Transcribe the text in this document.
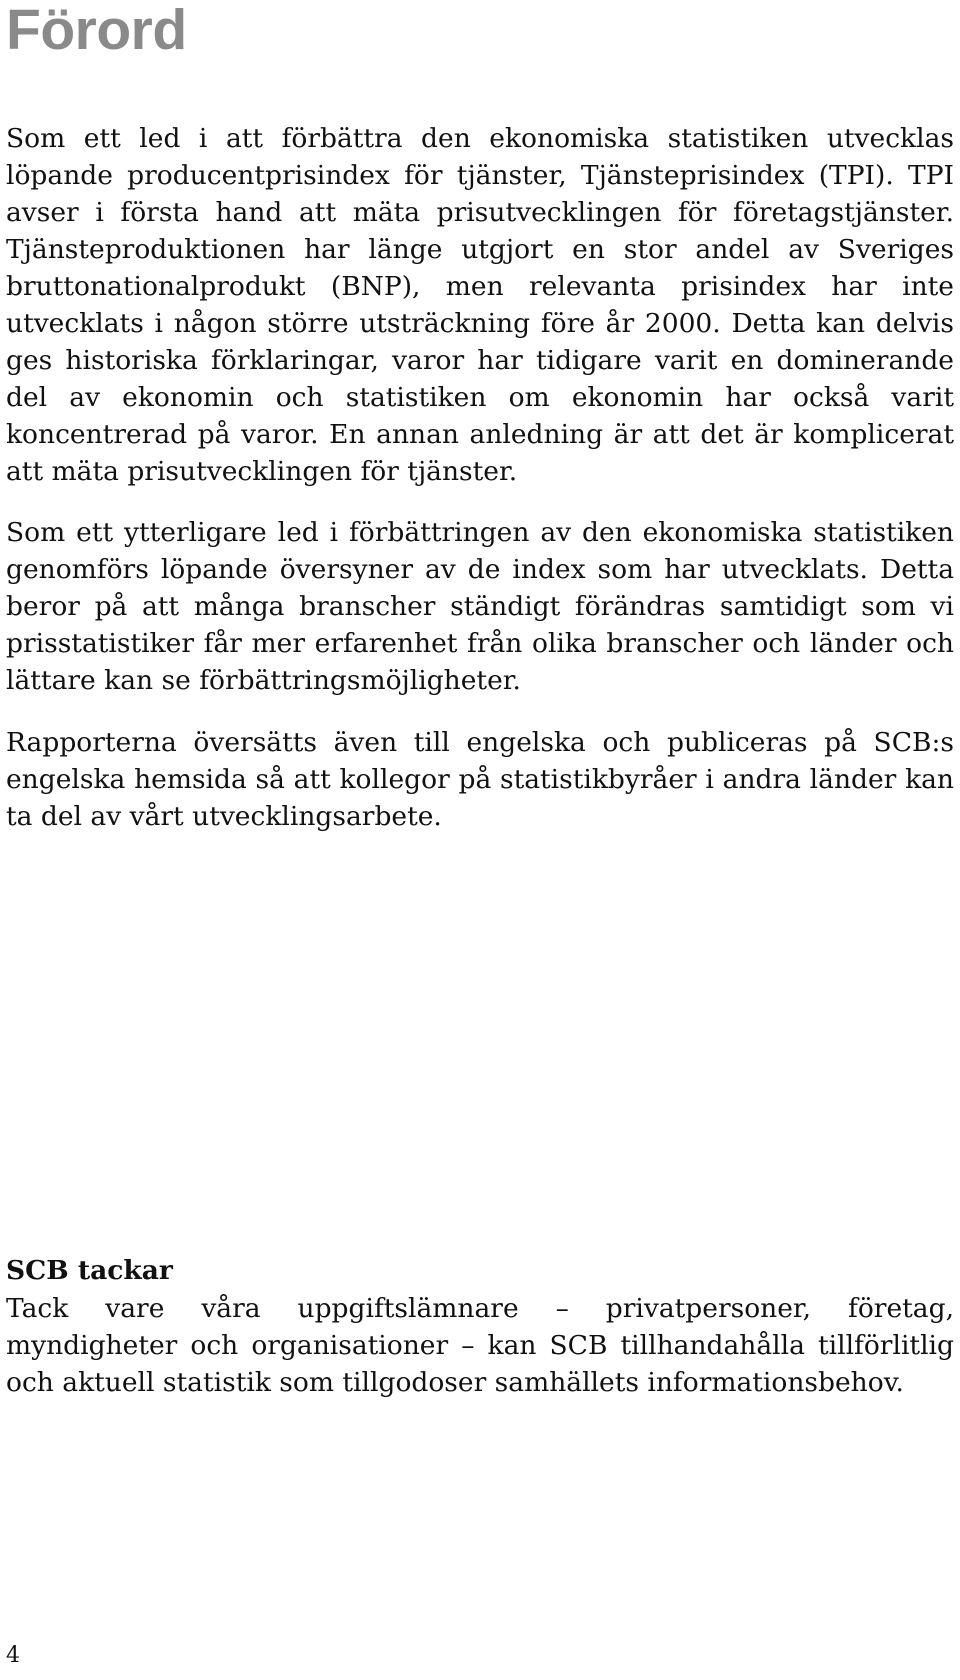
Förord

Som ett led i att förbättra den ekonomiska statistiken utvecklas löpande producentprisindex för tjänster, Tjänsteprisindex (TPI). TPI avser i första hand att mäta prisutvecklingen för företagstjänster. Tjänsteproduktionen har länge utgjort en stor andel av Sveriges bruttonationalprodukt (BNP), men relevanta prisindex har inte utvecklats i någon större utsträckning före år 2000. Detta kan delvis ges historiska förklaringar, varor har tidigare varit en dominerande del av ekonomin och statistiken om ekonomin har också varit koncentrerad på varor. En annan anledning är att det är komplicerat att mäta prisutvecklingen för tjänster.

Som ett ytterligare led i förbättringen av den ekonomiska statistiken genomförs löpande översyner av de index som har utvecklats. Detta beror på att många branscher ständigt förändras samtidigt som vi prisstatistiker får mer erfarenhet från olika branscher och länder och lättare kan se förbättringsmöjligheter.

Rapporterna översätts även till engelska och publiceras på SCB:s engelska hemsida så att kollegor på statistikbyråer i andra länder kan ta del av vårt utvecklingsarbete.

SCB tackar

Tack vare våra uppgiftslämnare – privatpersoner, företag, myndigheter och organisationer – kan SCB tillhandahålla tillförlitlig och aktuell statistik som tillgodoser samhällets informationsbehov.

4
